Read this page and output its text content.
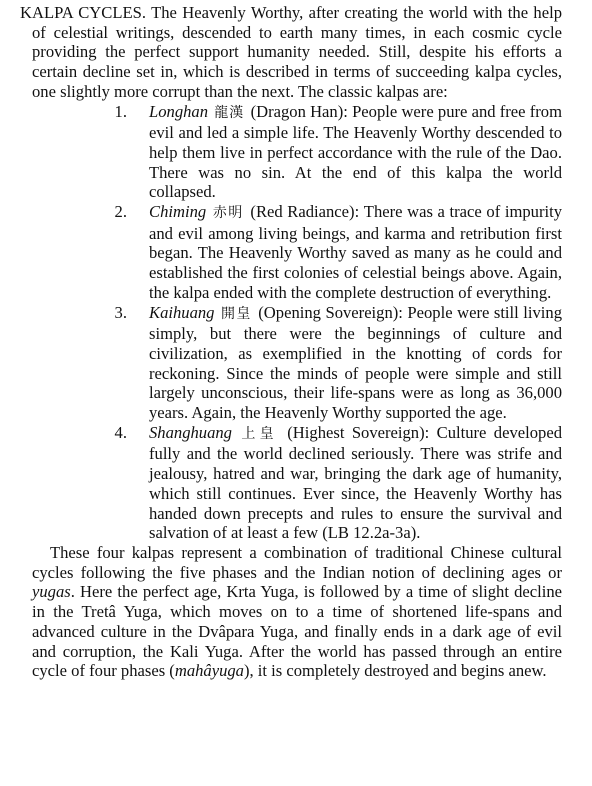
KALPA CYCLES. The Heavenly Worthy, after creating the world with the help of celestial writings, descended to earth many times, in each cosmic cycle providing the perfect support humanity needed. Still, despite his efforts a certain decline set in, which is described in terms of succeeding kalpa cycles, one slightly more corrupt than the next. The classic kalpas are:

1.	Longhan 龍漢 (Dragon Han): People were pure and free from evil and led a simple life. The Heavenly Worthy descended to help them live in perfect accordance with the rule of the Dao. There was no sin. At the end of this kalpa the world collapsed.

2.	Chiming 赤明 (Red Radiance): There was a trace of impurity and evil among living beings, and karma and retribution first began. The Heavenly Worthy saved as many as he could and established the first colonies of celestial beings above. Again, the kalpa ended with the complete destruction of everything.

3.	Kaihuang 開皇 (Opening Sovereign): People were still living simply, but there were the beginnings of culture and civilization, as exemplified in the knotting of cords for reckoning. Since the minds of people were simple and still largely unconscious, their life-spans were as long as 36,000 years. Again, the Heavenly Worthy supported the age.

4.	Shanghuang 上皇 (Highest Sovereign): Culture developed fully and the world declined seriously. There was strife and jealousy, hatred and war, bringing the dark age of humanity, which still continues. Ever since, the Heavenly Worthy has handed down precepts and rules to ensure the survival and salvation of at least a few (LB 12.2a-3a).

These four kalpas represent a combination of traditional Chinese cultural cycles following the five phases and the Indian notion of declining ages or yugas. Here the perfect age, Krta Yuga, is followed by a time of slight decline in the Tretâ Yuga, which moves on to a time of shortened life-spans and advanced culture in the Dvâpara Yuga, and finally ends in a dark age of evil and corruption, the Kali Yuga. After the world has passed through an entire cycle of four phases (mahâyuga), it is completely destroyed and begins anew.
